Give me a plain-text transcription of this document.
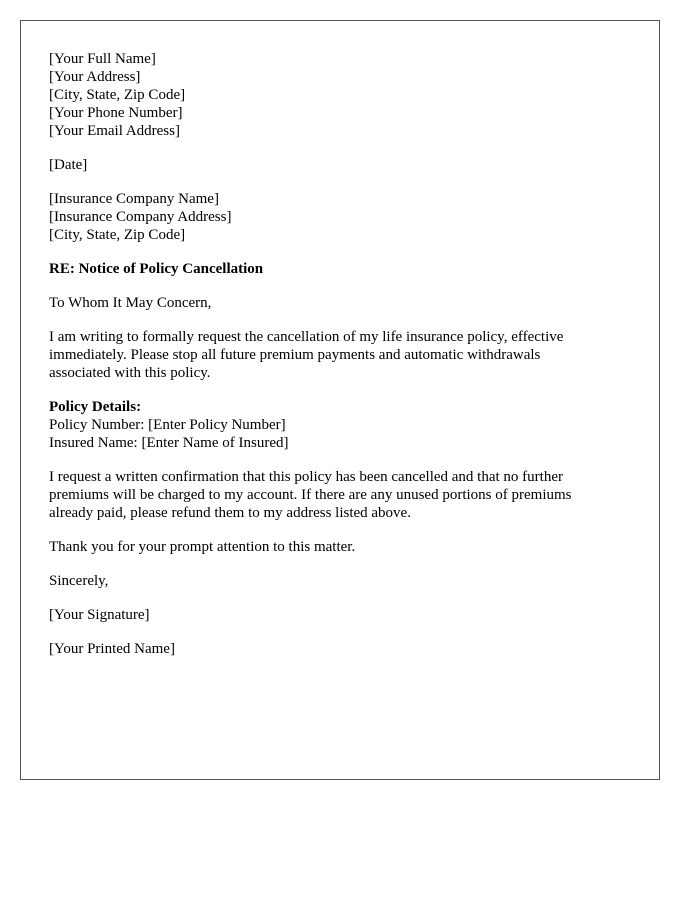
[Your Full Name]
[Your Address]
[City, State, Zip Code]
[Your Phone Number]
[Your Email Address]
[Date]
[Insurance Company Name]
[Insurance Company Address]
[City, State, Zip Code]
RE: Notice of Policy Cancellation
To Whom It May Concern,
I am writing to formally request the cancellation of my life insurance policy, effective
immediately. Please stop all future premium payments and automatic withdrawals
associated with this policy.
Policy Details:
Policy Number: [Enter Policy Number]
Insured Name: [Enter Name of Insured]
I request a written confirmation that this policy has been cancelled and that no further
premiums will be charged to my account. If there are any unused portions of premiums
already paid, please refund them to my address listed above.
Thank you for your prompt attention to this matter.
Sincerely,
[Your Signature]
[Your Printed Name]
